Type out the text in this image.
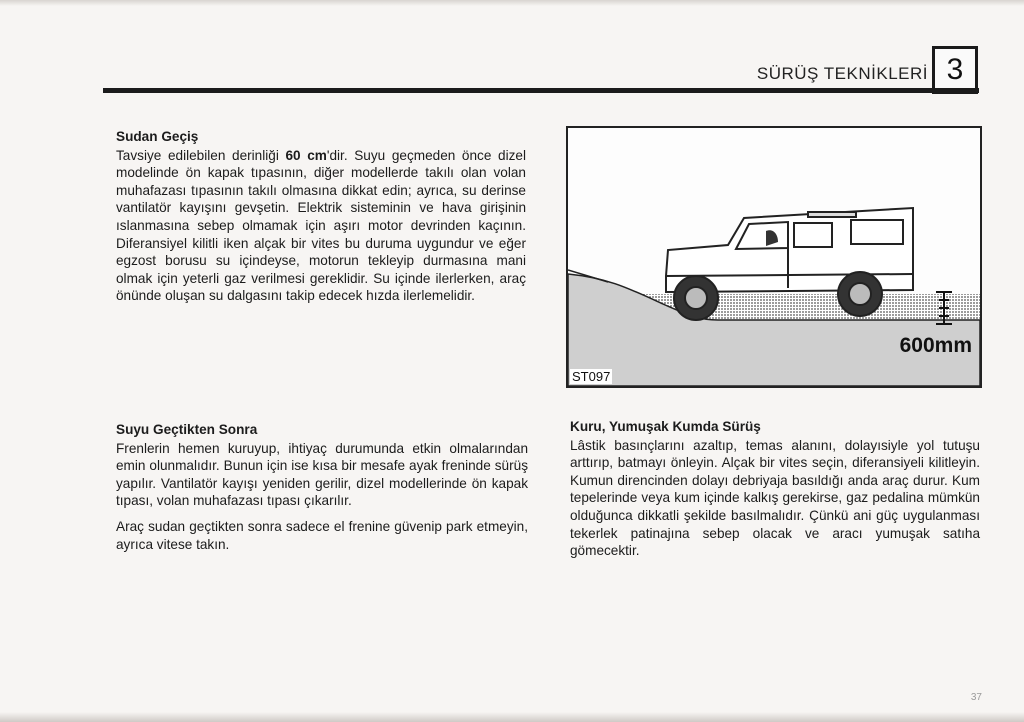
SÜRÜŞ TEKNİKLERİ 3
Sudan Geçiş

Tavsiye edilebilen derinliği 60 cm'dir. Suyu geçmeden önce dizel modelinde ön kapak tıpasının, diğer modellerde takılı olan volan muhafazası tıpasının takılı olmasına dikkat edin; ayrıca, su derinse vantilatör kayışını gevşetin. Elektrik sisteminin ve hava girişinin ıslanmasına sebep olmamak için aşırı motor devrinden kaçının. Diferansiyel kilitli iken alçak bir vites bu duruma uygundur ve eğer egzost borusu su içindeyse, motorun tekleyip durmasına mani olmak için yeterli gaz verilmesi gereklidir. Su içinde ilerlerken, araç önünde oluşan su dalgasını takip edecek hızda ilerlemelidir.

600mm
ST097
Suyu Geçtikten Sonra

Frenlerin hemen kuruyup, ihtiyaç durumunda etkin olmalarından emin olunmalıdır. Bunun için ise kısa bir mesafe ayak freninde sürüş yapılır. Vantilatör kayışı yeniden gerilir, dizel modellerinde ön kapak tıpası, volan muhafazası tıpası çıkarılır.

Araç sudan geçtikten sonra sadece el frenine güvenip park etmeyin, ayrıca vitese takın.

Kuru, Yumuşak Kumda Sürüş

Lâstik basınçlarını azaltıp, temas alanını, dolayısiyle yol tutuşu arttırıp, batmayı önleyin. Alçak bir vites seçin, diferansiyeli kilitleyin. Kumun direncinden dolayı debriyaja basıldığı anda araç durur. Kum tepelerinde veya kum içinde kalkış gerekirse, gaz pedalina mümkün olduğunca dikkatli şekilde basılmalıdır. Çünkü ani güç uygulanması tekerlek patinajına sebep olacak ve aracı yumuşak satıha gömecektir.

37
